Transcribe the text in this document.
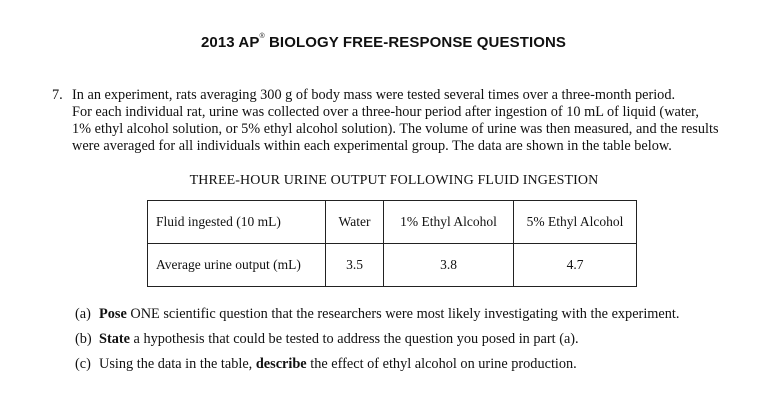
2013 AP® BIOLOGY FREE-RESPONSE QUESTIONS
7. In an experiment, rats averaging 300 g of body mass were tested several times over a three-month period.
For each individual rat, urine was collected over a three-hour period after ingestion of 10 mL of liquid (water,
1% ethyl alcohol solution, or 5% ethyl alcohol solution). The volume of urine was then measured, and the results
were averaged for all individuals within each experimental group. The data are shown in the table below.
THREE-HOUR URINE OUTPUT FOLLOWING FLUID INGESTION
Fluid ingested (10 mL)	Water	1% Ethyl Alcohol	5% Ethyl Alcohol
Average urine output (mL)	3.5	3.8	4.7
(a) Pose ONE scientific question that the researchers were most likely investigating with the experiment.
(b) State a hypothesis that could be tested to address the question you posed in part (a).
(c) Using the data in the table, describe the effect of ethyl alcohol on urine production.
